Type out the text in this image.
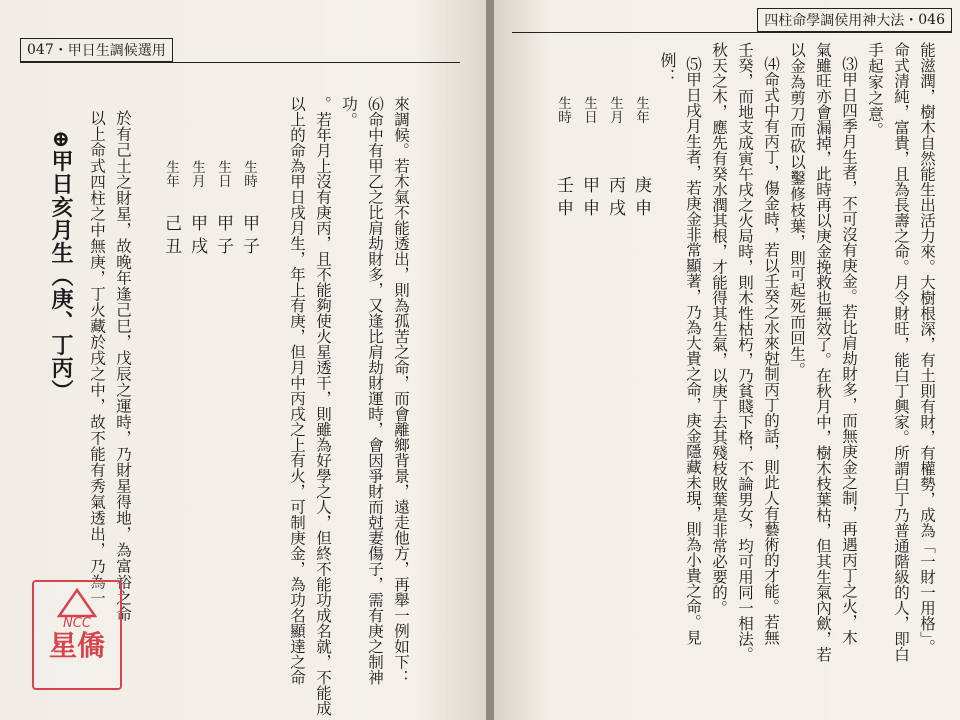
047 ・甲日生調候選用
⊕甲日亥月生（庚、丁丙） 以上命式四柱之中無庚，丁火藏於戌之中，故不能有秀氣透出，乃為一 於有己土之財星，故晚年逢己巳，戊辰之運時，乃財星得地，為富裕之命	生年
己丑
生月
甲戌
生日
甲子
生時
甲子 以上的命為甲日戌月生，年上有庚，但月中丙戌之上有火，可制庚金，為功名顯達之命 。若年月上沒有庚丙，且不能夠使火星透干，則雖為好學之人，但終不能功成名就，不能成 功。 ⑹命中有甲乙之比肩劫財多，又逢比肩劫財運時，會因爭財而尅妻傷子，需有庚之制神 來調候。若木氣不能透出，則為孤苦之命，而會離鄉背景，遠走他方，再舉一例如下：
NCC
星僑
四柱命學調侯用神大法・ 046
能滋潤，樹木自然能生出活力來。大樹根深，有土則有財，有權勢，成為「一財一用格」。
命式清純，富貴，且為長壽之命。月令財旺，能白丁興家。所謂白丁乃普通階級的人，即白
手起家之意。
⑶甲日四季月生者，不可沒有庚金。若比肩劫財多，而無庚金之制，再遇丙丁之火，木
氣雖旺亦會漏掉，此時再以庚金挽救也無效了。在秋月中，樹木枝葉枯，但其生氣內歛，若
以金為剪刀而砍以鑿修枝葉，則可起死而回生。
⑷命式中有丙丁，傷金時，若以壬癸之水來尅制丙丁的話，則此人有藝術的才能。若無
壬癸，而地支成寅午戌之火局時，則木性枯朽，乃貧賤下格，不論男女，均可用同一相法。
秋天之木，應先有癸水潤其根，才能得其生氣，以庚丁去其殘枝敗葉是非常必要的。
⑸甲日戌月生者，若庚金非常顯著，乃為大貴之命，庚金隱藏未現，則為小貴之命。見
例：
生年
庚申
生月
丙戌
生日
甲申
生時
壬申
